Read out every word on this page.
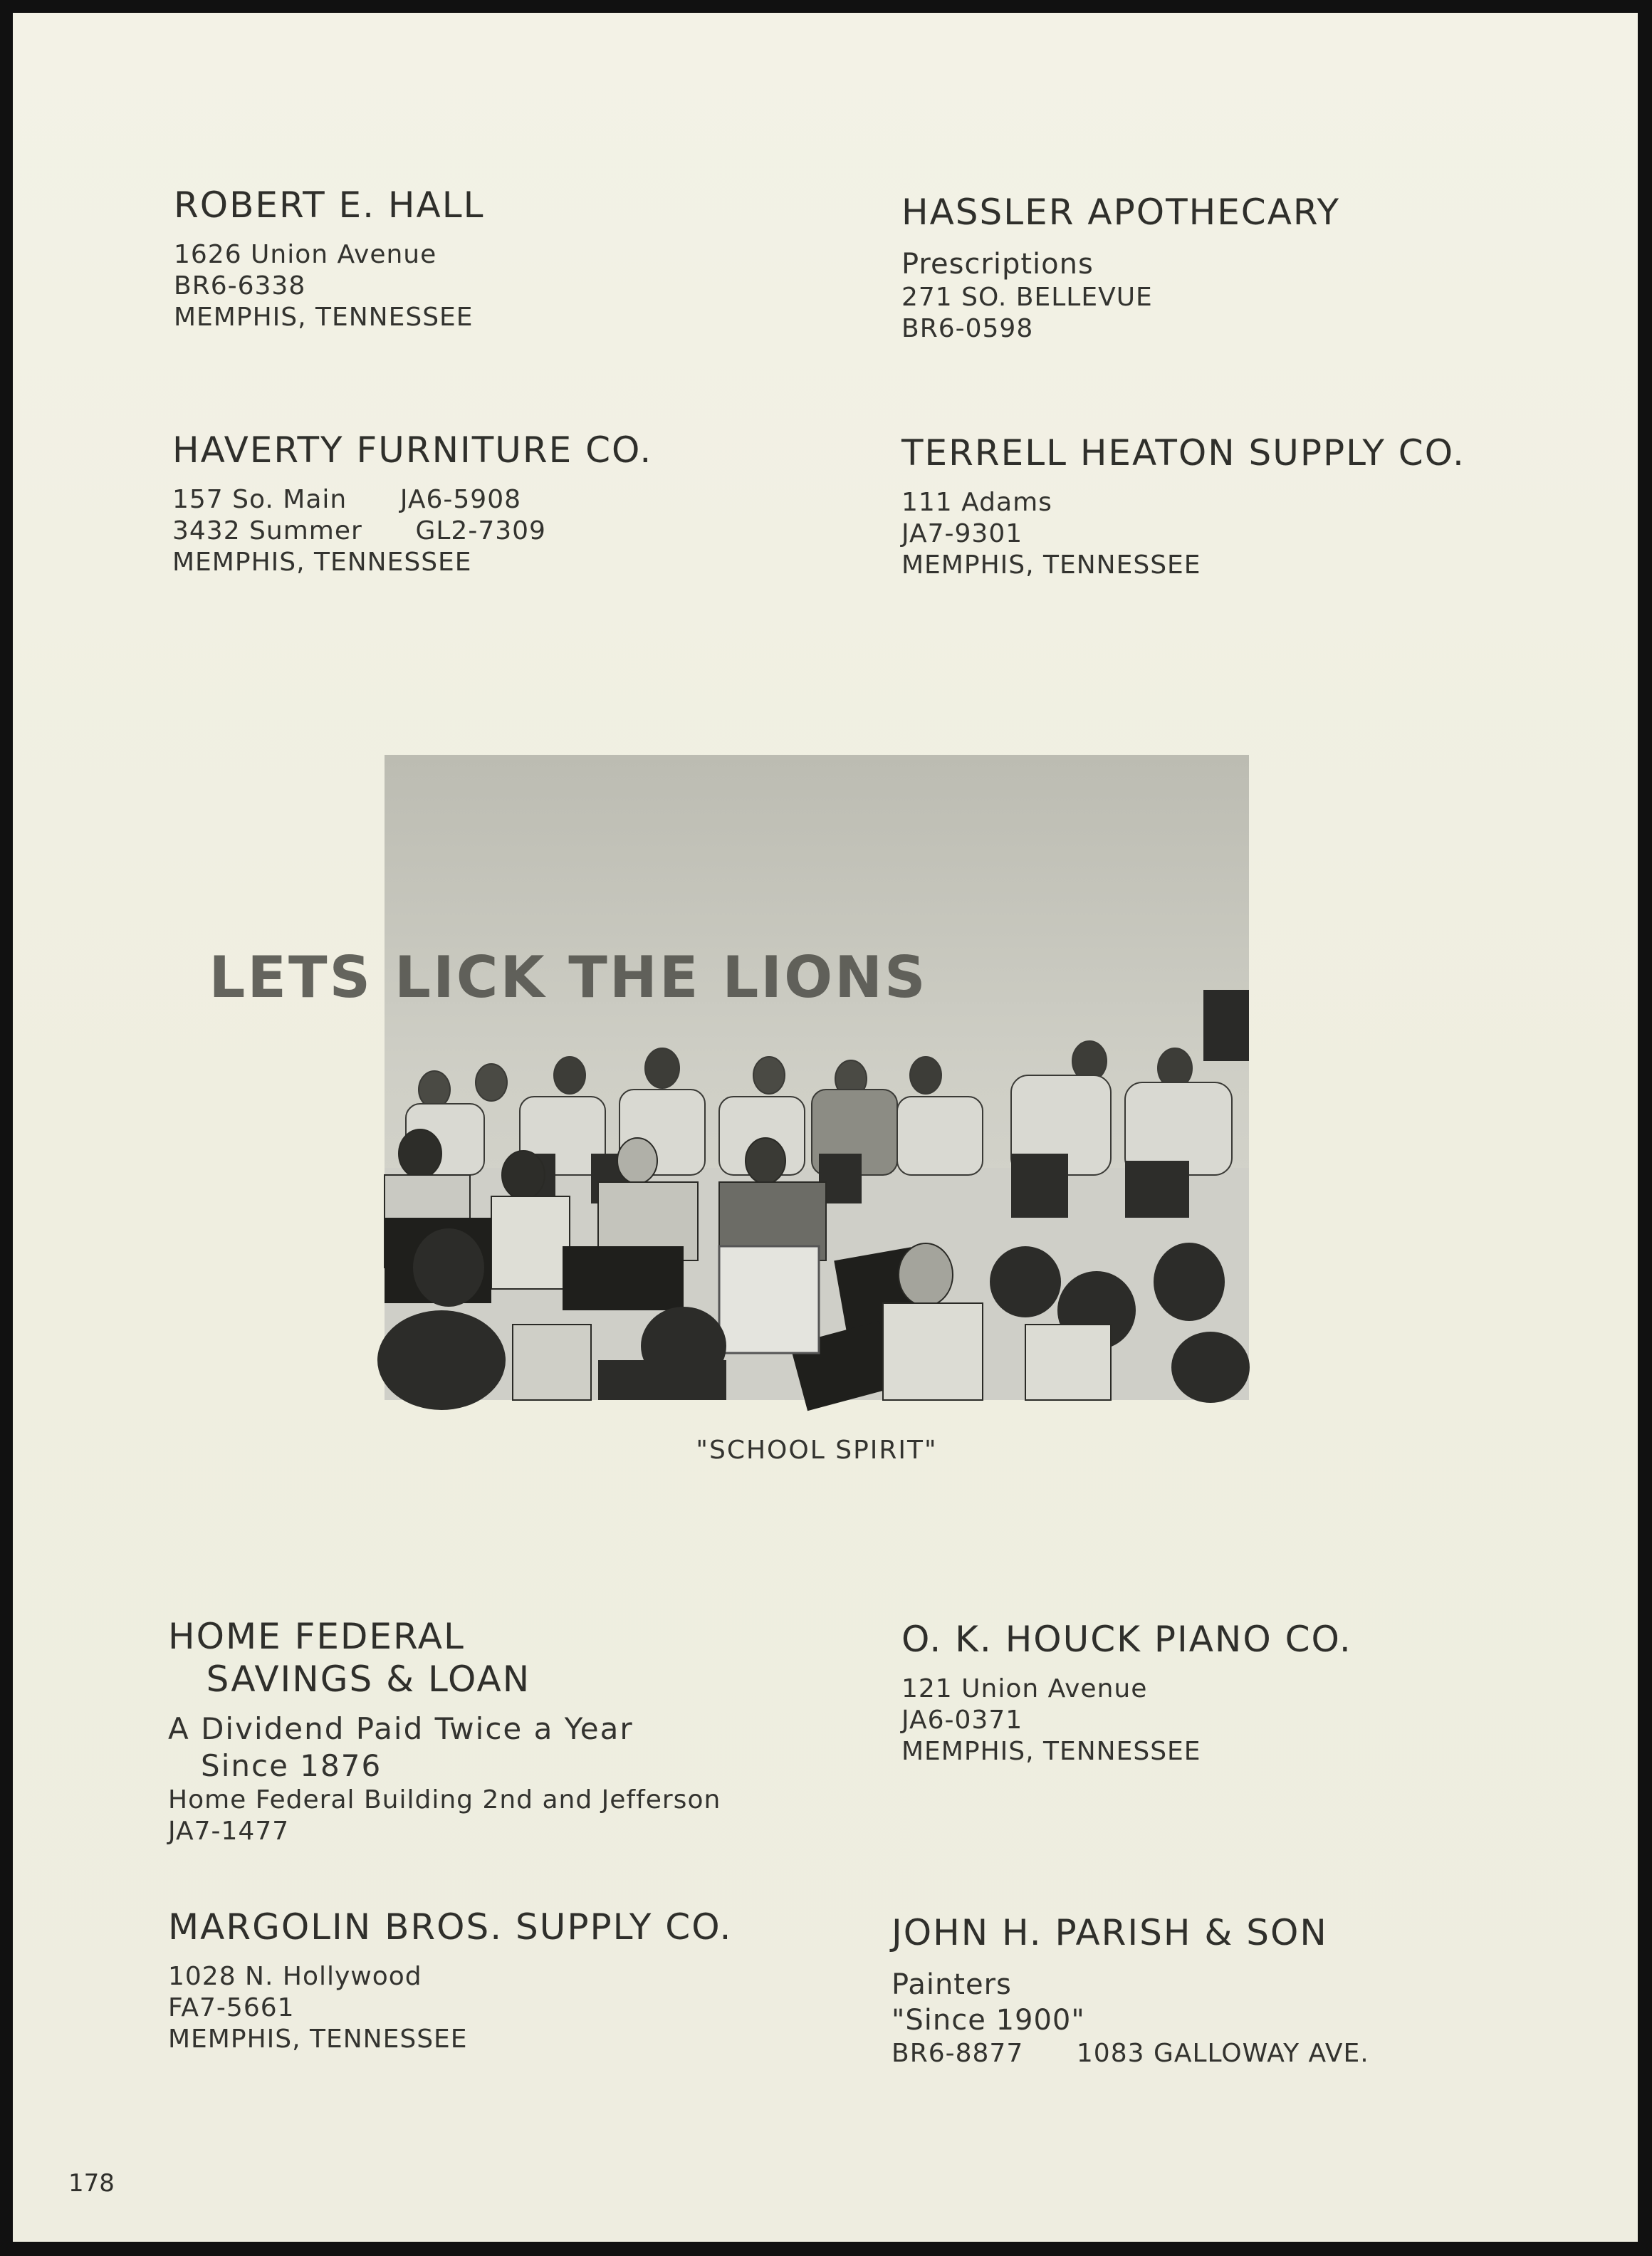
ROBERT E. HALL
1626 Union Avenue
BR6-6338
MEMPHIS, TENNESSEE
HASSLER APOTHECARY
Prescriptions
271 SO. BELLEVUE
BR6-0598
HAVERTY FURNITURE CO.
157 So. Main      JA6-5908
3432 Summer      GL2-7309
MEMPHIS, TENNESSEE
TERRELL HEATON SUPPLY CO.
111 Adams
JA7-9301
MEMPHIS, TENNESSEE
LETS LICK THE LIONS
"SCHOOL SPIRIT"
HOME FEDERAL
SAVINGS & LOAN
A Dividend Paid Twice a Year
Since 1876
Home Federal Building 2nd and Jefferson
JA7-1477
O. K. HOUCK PIANO CO.
121 Union Avenue
JA6-0371
MEMPHIS, TENNESSEE
MARGOLIN BROS. SUPPLY CO.
1028 N. Hollywood
FA7-5661
MEMPHIS, TENNESSEE
JOHN H. PARISH & SON
Painters
"Since 1900"
BR6-8877      1083 GALLOWAY AVE.
178
